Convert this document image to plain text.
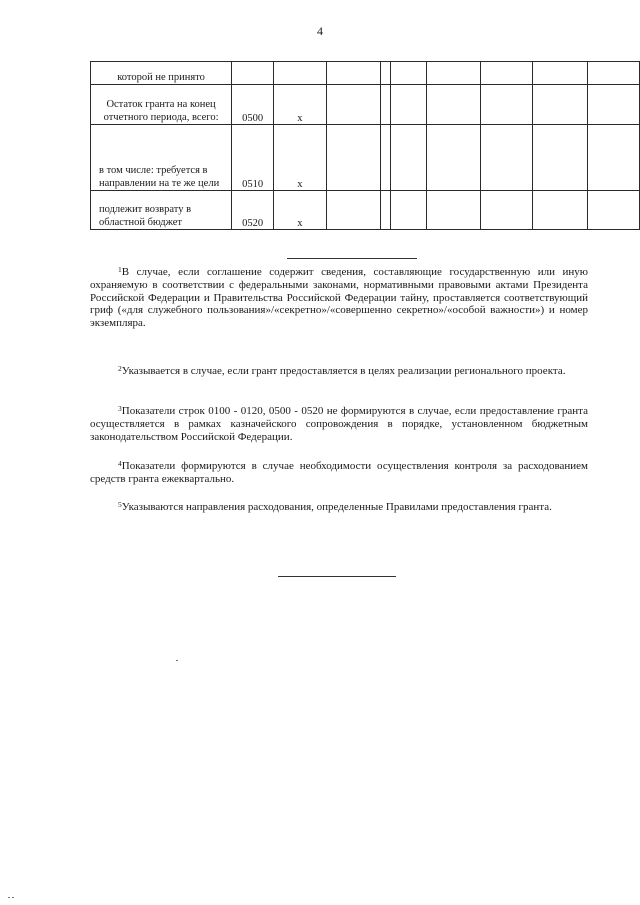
4
которой не принято									
Остаток гранта на конец отчетного периода, всего:	0500	x							
в том числе: требуется в направлении на те же цели	0510	x							
подлежит возврату в областной бюджет	0520	x							

$^1$В случае, если соглашение содержит сведения, составляющие государственную или иную охраняемую в соответствии с федеральными законами, нормативными правовыми актами Президента Российской Федерации и Правительства Российской Федерации тайну, проставляется соответствующий гриф («для служебного пользования»/«секретно»/«совершенно секретно»/«особой важности») и номер экземпляра.

$^2$Указывается в случае, если грант предоставляется в целях реализации регионального проекта.

$^3$Показатели строк 0100 - 0120, 0500 - 0520 не формируются в случае, если предоставление гранта осуществляется в рамках казначейского сопровождения в порядке, установленном бюджетным законодательством Российской Федерации.

$^4$Показатели формируются в случае необходимости осуществления контроля за расходованием средств гранта ежеквартально.

$^5$Указываются направления расходования, определенные Правилами предоставления гранта.
